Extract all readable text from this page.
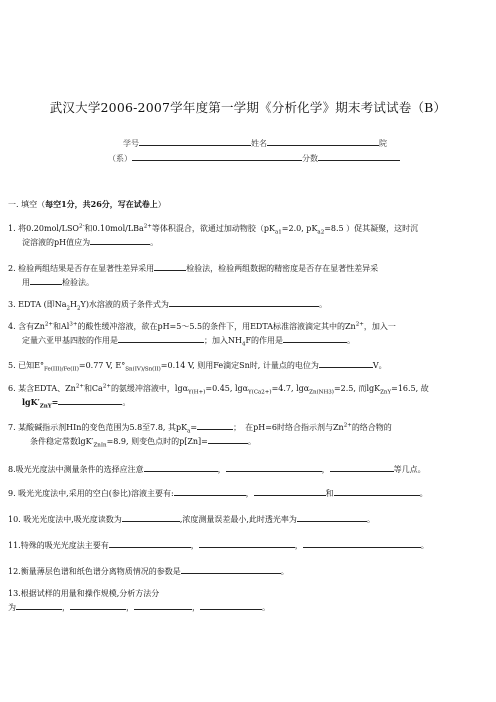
武汉大学2006-2007学年度第一学期《分析化学》期末考试试卷（B）
学号	姓名	院
（系）	分数
一. 填空（每空1分，共26分，写在试卷上）
1. 将$0.20mol/LSO^{2-}$和0.10mol/LBa$^{2+}$等体积混合，欲通过加动物胶（$pK_{a1}=2.0$, $pK_{a2}=8.5$ ）促其凝聚，这时沉
淀溶液的pH值应为	。
2. 检验两组结果是否存在显著性差异采用	检验法，检验两组数据的精密度是否存在显著性差异采
用	检验法。
3. EDTA (即$Na_2H_2Y$)水溶液的质子条件式为	。
4. 含有$Zn^{2+}$和$Al^{3+}$的酸性缓冲溶液，欲在pH=5～5.5的条件下，用EDTA标准溶液滴定其中的$Zn^{2+}$，加入一
定量六亚甲基四胺的作用是	；加入$NH_4F$的作用是	。
5. 已知$E^\circ_{Fe(III)/Fe(II)}=0.77$ V, $E^\circ_{Sn(IV)/Sn(II)}=0.14$ V, 则用Fe滴定Sn时, 计量点的电位为	V。
6. 某含EDTA、$Zn^{2+}$和$Ca^{2+}$的氨缓冲溶液中，lgα$_{Y(H+)}$=0.45, lgα$_{Y(Ca2+)}$=4.7, lgα$_{Zn(NH3)}$=2.5, 而lgK$_{ZnY}$=16.5, 故
$\lg K'_{ZnY}=$	。
7. 某酸碱指示剂HIn的变色范围为5.8至7.8, 其$pK_a=$	；　在pH=6时络合指示剂与$Zn^{2+}$的络合物的
条件稳定常数$\lg K'_{ZnIn}=8.9$, 则变色点时的p[Zn]=	。
8.吸光光度法中测量条件的选择应注意	，	，	等几点。
9. 吸光光度法中,采用的空白(参比)溶液主要有:	，	和	。
10. 吸光光度法中,吸光度读数为	,浓度测量误差最小,此时透光率为	。
11.特殊的吸光光度法主要有	，	，	。
12.衡量薄层色谱和纸色谱分离物质情况的参数是	。
13.根据试样的用量和操作规模,分析方法分
为	，	，	，	。
